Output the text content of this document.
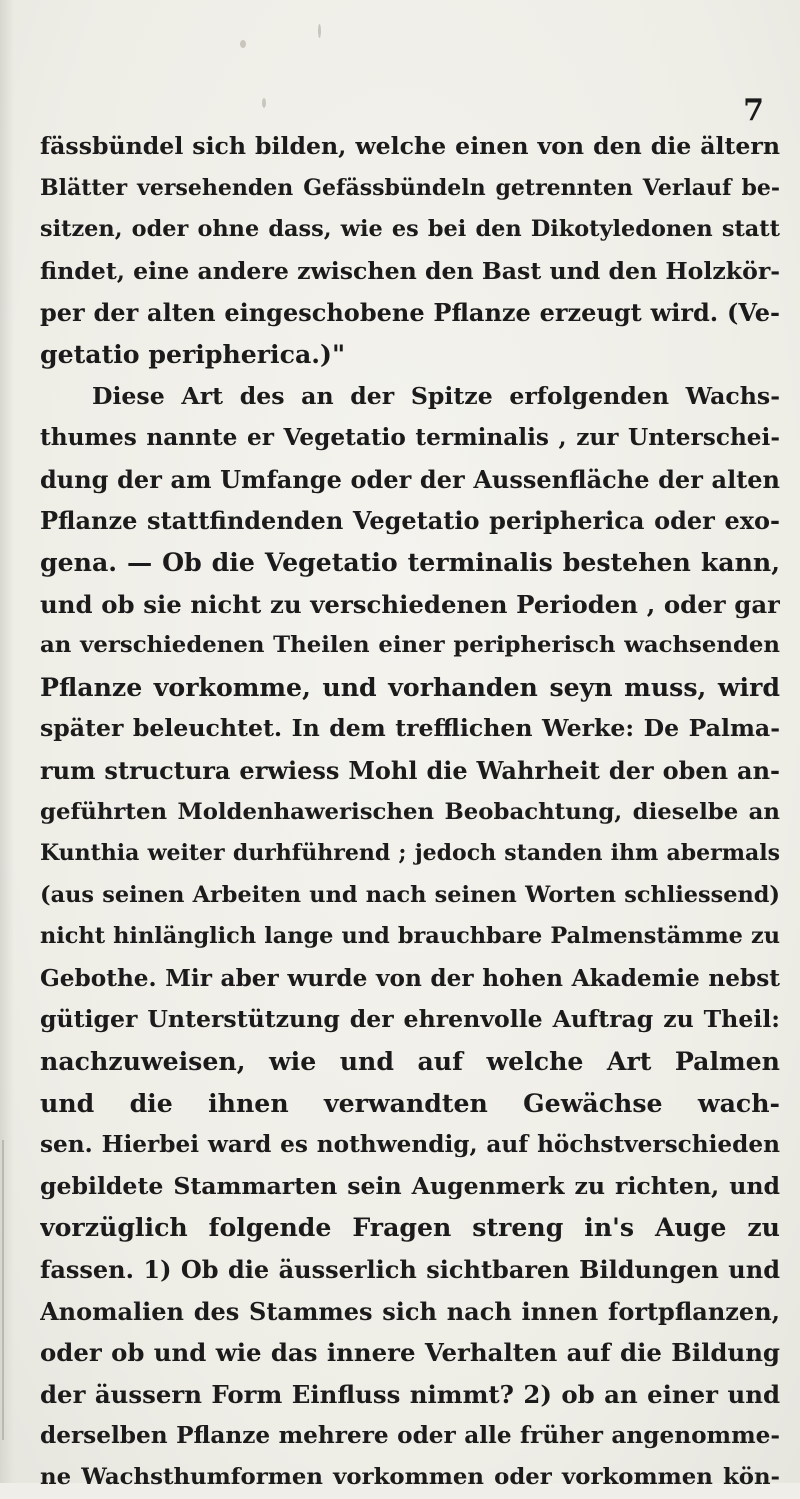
7
fässbündel sich bilden, welche einen von den die ältern
Blätter versehenden Gefässbündeln getrennten Verlauf be-
sitzen, oder ohne dass, wie es bei den Dikotyledonen statt
findet, eine andere zwischen den Bast und den Holzkör-
per der alten eingeschobene Pflanze erzeugt wird. (Ve-
getatio peripherica.)"
Diese Art des an der Spitze erfolgenden Wachs-
thumes nannte er Vegetatio terminalis , zur Unterschei-
dung der am Umfange oder der Aussenfläche der alten
Pflanze stattfindenden Vegetatio peripherica oder exo-
gena. — Ob die Vegetatio terminalis bestehen kann,
und ob sie nicht zu verschiedenen Perioden , oder gar
an verschiedenen Theilen einer peripherisch wachsenden
Pflanze vorkomme, und vorhanden seyn muss, wird
später beleuchtet. In dem trefflichen Werke: De Palma-
rum structura erwiess Mohl die Wahrheit der oben an-
geführten Moldenhawerischen Beobachtung, dieselbe an
Kunthia weiter durhführend ; jedoch standen ihm abermals
(aus seinen Arbeiten und nach seinen Worten schliessend)
nicht hinlänglich lange und brauchbare Palmenstämme zu
Gebothe. Mir aber wurde von der hohen Akademie nebst
gütiger Unterstützung der ehrenvolle Auftrag zu Theil:
nachzuweisen, wie und auf welche Art Palmen
und die ihnen verwandten Gewächse wach-
sen. Hierbei ward es nothwendig, auf höchstverschieden
gebildete Stammarten sein Augenmerk zu richten, und
vorzüglich folgende Fragen streng in's Auge zu
fassen. 1) Ob die äusserlich sichtbaren Bildungen und
Anomalien des Stammes sich nach innen fortpflanzen,
oder ob und wie das innere Verhalten auf die Bildung
der äussern Form Einfluss nimmt? 2) ob an einer und
derselben Pflanze mehrere oder alle früher angenomme-
ne Wachsthumformen vorkommen oder vorkommen kön-
